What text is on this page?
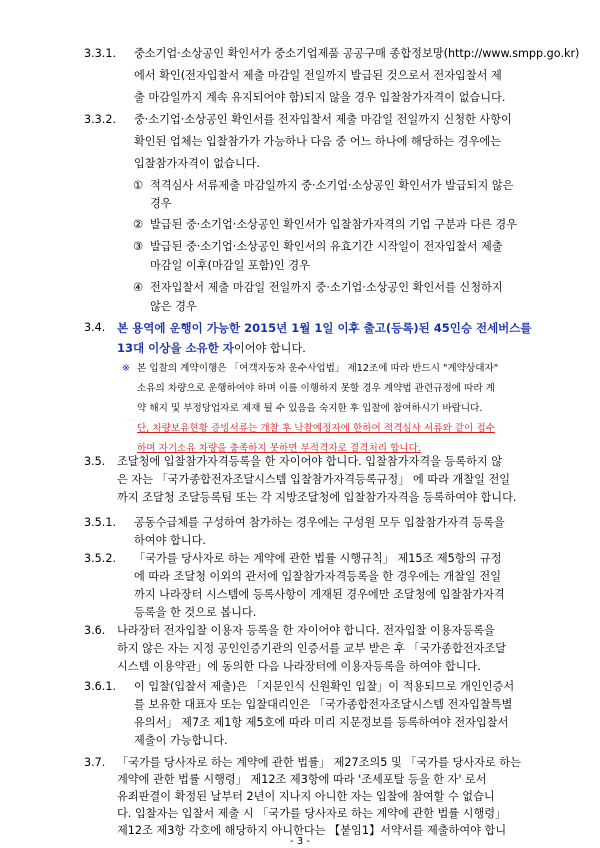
3.3.1. 중소기업·소상공인 확인서가 중소기업제품 공공구매 종합정보망(http://www.smpp.go.kr)
에서 확인(전자입찰서 제출 마감일 전일까지 발급된 것으로서 전자입찰서 제
출 마감일까지 계속 유지되어야 함)되지 않을 경우 입찰참가자격이 없습니다.
3.3.2. 중·소기업·소상공인 확인서를 전자입찰서 제출 마감일 전일까지 신청한 사항이
확인된 업체는 입찰참가가 가능하나 다음 중 어느 하나에 해당하는 경우에는
입찰참가자격이 없습니다.
① 적격심사 서류제출 마감일까지 중·소기업·소상공인 확인서가 발급되지 않은
경우
② 발급된 중·소기업·소상공인 확인서가 입찰참가자격의 기업 구분과 다른 경우
③ 발급된 중·소기업·소상공인 확인서의 유효기간 시작일이 전자입찰서 제출
마감일 이후(마감일 포함)인 경우
④ 전자입찰서 제출 마감일 전일까지 중·소기업·소상공인 확인서를 신청하지
않은 경우
3.4. 본 용역에 운행이 가능한 2015년 1월 1일 이후 출고(등록)된 45인승 전세버스를
13대 이상을 소유한 자이어야 합니다.
※ 본 입찰의 계약이행은 「여객자동차 운수사업법」 제12조에 따라 반드시 "계약상대자"
소유의 차량으로 운행하여야 하며 이를 이행하지 못할 경우 계약법 관련규정에 따라 계
약 해지 및 부정당업자로 제재 될 수 있음을 숙지한 후 입찰에 참여하시기 바랍니다.
단, 차량보유현황 증빙서류는 개찰 후 낙찰예정자에 한하여 적격심사 서류와 같이 접수
하며 자기소유 차량을 충족하지 못하면 부적격자로 결격처리 합니다.
3.5. 조달청에 입찰참가자격등록을 한 자이어야 합니다. 입찰참가자격을 등록하지 않
은 자는 「국가종합전자조달시스템 입찰참가자격등록규정」 에 따라 개찰일 전일
까지 조달청 조달등록팀 또는 각 지방조달청에 입찰참가자격을 등록하여야 합니다.
3.5.1. 공동수급체를 구성하여 참가하는 경우에는 구성원 모두 입찰참가자격 등록을
하여야 합니다.
3.5.2. 「국가를 당사자로 하는 계약에 관한 법률 시행규칙」 제15조 제5항의 규정
에 따라 조달청 이외의 관서에 입찰참가자격등록을 한 경우에는 개찰일 전일
까지 나라장터 시스템에 등록사항이 게재된 경우에만 조달청에 입찰참가자격
등록을 한 것으로 봅니다.
3.6. 나라장터 전자입찰 이용자 등록을 한 자이어야 합니다. 전자입찰 이용자등록을
하지 않은 자는 지정 공인인증기관의 인증서를 교부 받은 후 「국가종합전자조달
시스템 이용약관」에 동의한 다음 나라장터에 이용자등록을 하여야 합니다.
3.6.1. 이 입찰(입찰서 제출)은 「지문인식 신원확인 입찰」이 적용되므로 개인인증서
를 보유한 대표자 또는 입찰대리인은 「국가종합전자조달시스템 전자입찰특별
유의서」 제7조 제1항 제5호에 따라 미리 지문정보를 등록하여야 전자입찰서
제출이 가능합니다.
3.7. 「국가를 당사자로 하는 계약에 관한 법률」 제27조의5 및 「국가를 당사자로 하는
계약에 관한 법률 시행령」 제12조 제3항에 따라 '조세포탈 등을 한 자' 로서
유죄판결이 확정된 날부터 2년이 지나지 아니한 자는 입찰에 참여할 수 없습니
다. 입찰자는 입찰서 제출 시 「국가를 당사자로 하는 계약에 관한 법률 시행령」
제12조 제3항 각호에 해당하지 아니한다는 【붙임1】서약서를 제출하여야 합니
- 3 -
